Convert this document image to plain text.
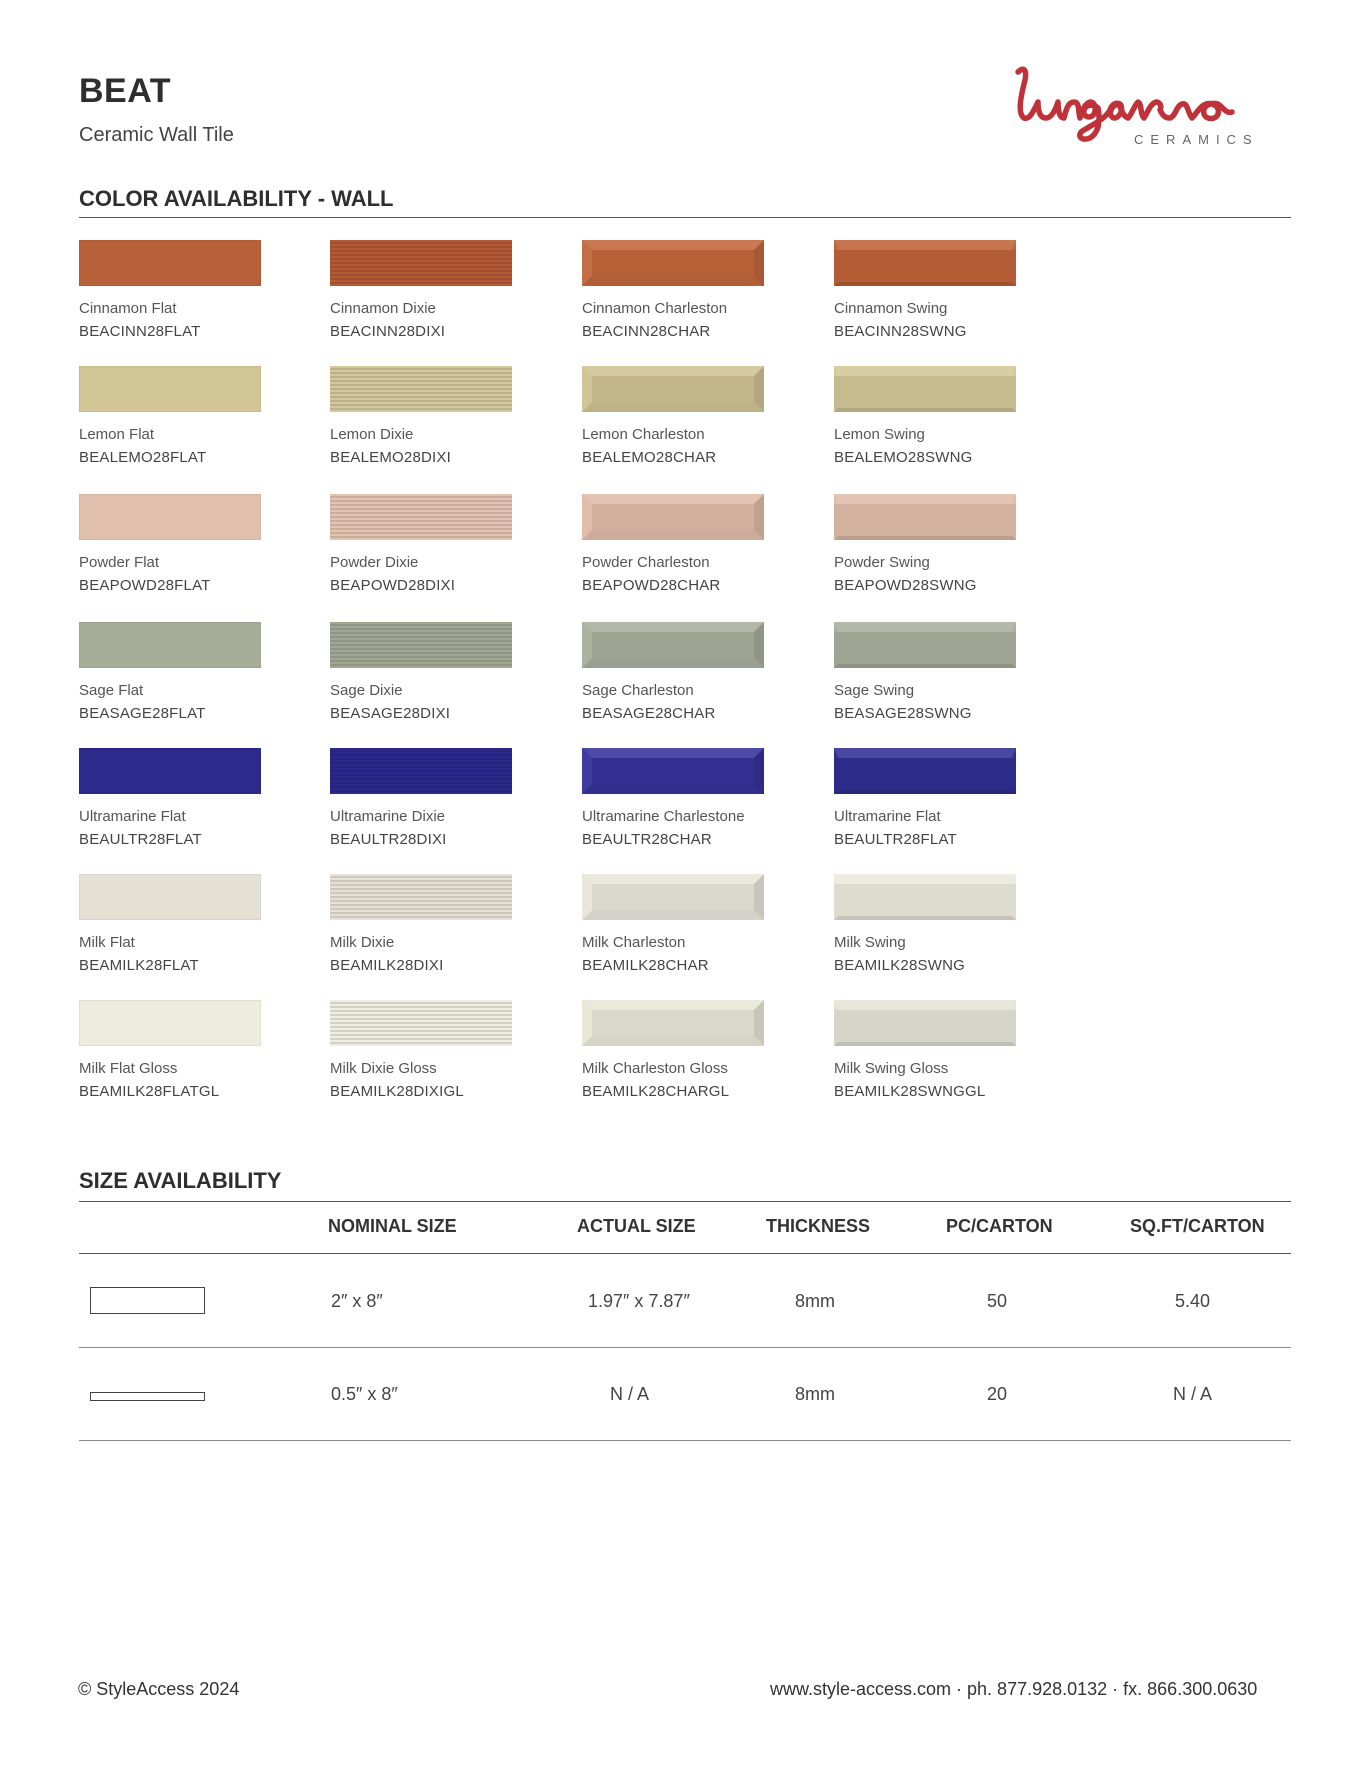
BEAT
Ceramic Wall Tile	CERAMICS
COLOR AVAILABILITY - WALL
Cinnamon Flat
BEACINN28FLAT
Cinnamon Dixie
BEACINN28DIXI
Cinnamon Charleston
BEACINN28CHAR
Cinnamon Swing
BEACINN28SWNG
Lemon Flat
BEALEMO28FLAT
Lemon Dixie
BEALEMO28DIXI
Lemon Charleston
BEALEMO28CHAR
Lemon Swing
BEALEMO28SWNG
Powder Flat
BEAPOWD28FLAT
Powder Dixie
BEAPOWD28DIXI
Powder Charleston
BEAPOWD28CHAR
Powder Swing
BEAPOWD28SWNG
Sage Flat
BEASAGE28FLAT
Sage Dixie
BEASAGE28DIXI
Sage Charleston
BEASAGE28CHAR
Sage Swing
BEASAGE28SWNG
Ultramarine Flat
BEAULTR28FLAT
Ultramarine Dixie
BEAULTR28DIXI
Ultramarine Charlestone
BEAULTR28CHAR
Ultramarine Flat
BEAULTR28FLAT
Milk Flat
BEAMILK28FLAT
Milk Dixie
BEAMILK28DIXI
Milk Charleston
BEAMILK28CHAR
Milk Swing
BEAMILK28SWNG
Milk Flat Gloss
BEAMILK28FLATGL
Milk Dixie Gloss
BEAMILK28DIXIGL
Milk Charleston Gloss
BEAMILK28CHARGL
Milk Swing Gloss
BEAMILK28SWNGGL
SIZE AVAILABILITY
NOMINAL SIZE	ACTUAL SIZE	THICKNESS	PC/CARTON	SQ.FT/CARTON
2″ x 8″	1.97″ x 7.87″	8mm	50	5.40
0.5″ x 8″	N / A	8mm	20	N / A
© StyleAccess 2024	www.style-access.com · ph. 877.928.0132 · fx. 866.300.0630
